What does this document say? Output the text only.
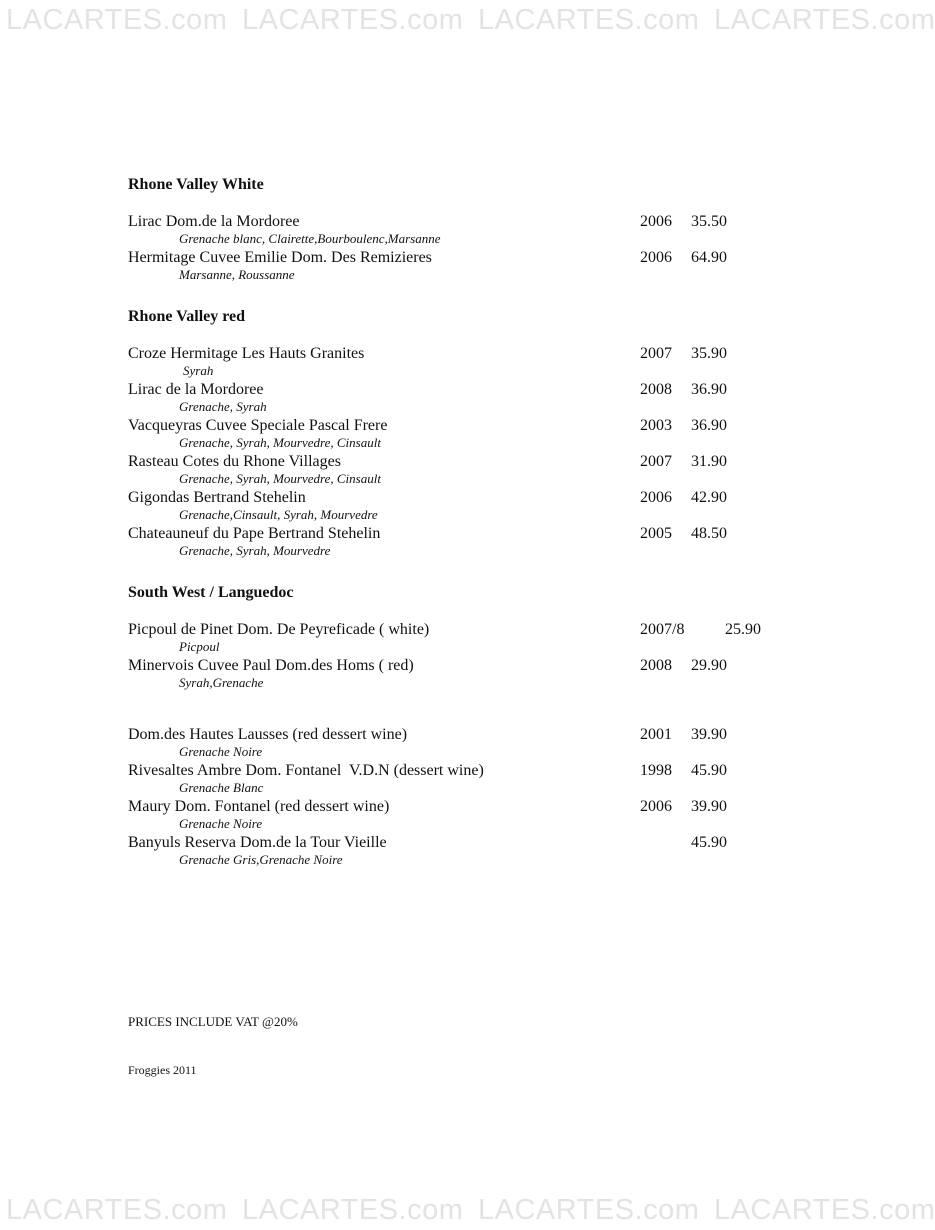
LACARTES.com LACARTES.com LACARTES.com LACARTES.com
Rhone Valley White
Lirac Dom.de la Mordoree	2006 35.50
Grenache blanc, Clairette,Bourboulenc,Marsanne
Hermitage Cuvee Emilie Dom. Des Remizieres	2006 64.90
Marsanne, Roussanne
Rhone Valley red
Croze Hermitage Les Hauts Granites	2007 35.90
Syrah
Lirac de la Mordoree	2008 36.90
Grenache, Syrah
Vacqueyras Cuvee Speciale Pascal Frere	2003 36.90
Grenache, Syrah, Mourvedre, Cinsault
Rasteau Cotes du Rhone Villages	2007 31.90
Grenache, Syrah, Mourvedre, Cinsault
Gigondas Bertrand Stehelin	2006 42.90
Grenache,Cinsault, Syrah, Mourvedre
Chateauneuf du Pape Bertrand Stehelin	2005 48.50
Grenache, Syrah, Mourvedre
South West / Languedoc
Picpoul de Pinet Dom. De Peyreficade ( white)	2007/8	25.90
Picpoul
Minervois Cuvee Paul Dom.des Homs ( red)	2008 29.90
Syrah,Grenache
Dom.des Hautes Lausses (red dessert wine)	2001 39.90
Grenache Noire
Rivesaltes Ambre Dom. Fontanel  V.D.N (dessert wine)	1998 45.90
Grenache Blanc
Maury Dom. Fontanel (red dessert wine)	2006 39.90
Grenache Noire
Banyuls Reserva Dom.de la Tour Vieille	45.90
Grenache Gris,Grenache Noire
PRICES INCLUDE VAT @20%
Froggies 2011
LACARTES.com LACARTES.com LACARTES.com LACARTES.com
